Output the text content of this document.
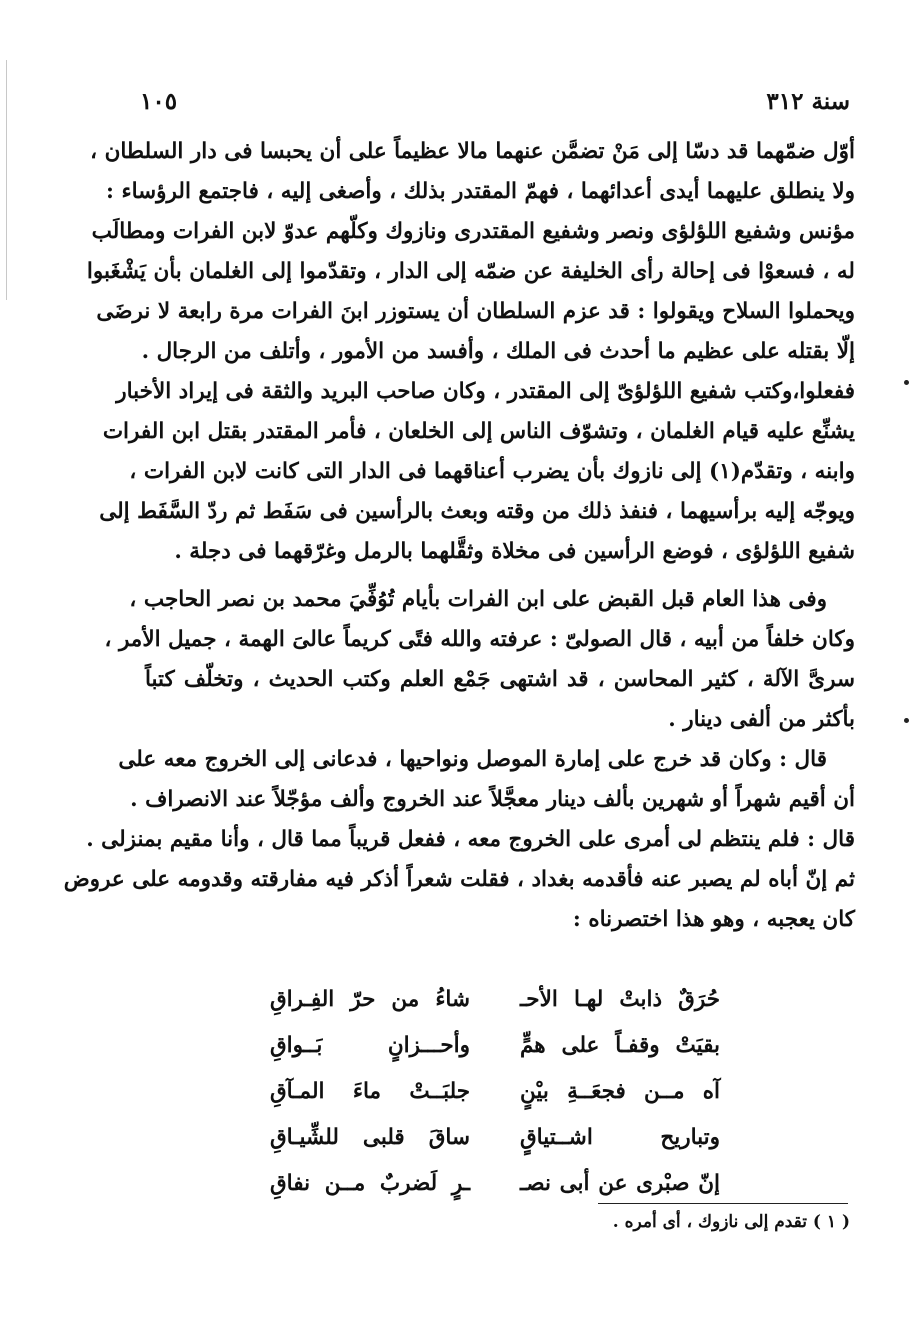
سنة ٣١٢
١٠٥
أوّل ضمّهما قد دسّا إلى مَنْ تضمَّن عنهما مالا عظيماً على أن يحبسا فى دار السلطان ،
ولا ينطلق عليهما أيدى أعدائهما ، فهمّ المقتدر بذلك ، وأصغى إليه ، فاجتمع الرؤساء :
مؤنس وشفيع اللؤلؤى ونصر وشفيع المقتدرى ونازوك وكلّهم عدوّ لابن الفرات ومطالَب
له ، فسعوْا فى إحالة رأى الخليفة عن ضمّه إلى الدار ، وتقدّموا إلى الغلمان بأن يَشْغَبوا
ويحملوا السلاح ويقولوا : قد عزم السلطان أن يستوزر ابنَ الفرات مرة رابعة لا نرضَى
إلّا بقتله على عظيم ما أحدث فى الملك ، وأفسد من الأمور ، وأتلف من الرجال .
ففعلوا،وكتب شفيع اللؤلؤىّ إلى المقتدر ، وكان صاحب البريد والثقة فى إيراد الأخبار
يشنِّع عليه قيام الغلمان ، وتشوّف الناس إلى الخلعان ، فأمر المقتدر بقتل ابن الفرات
وابنه ، وتقدّم(١) إلى نازوك بأن يضرب أعناقهما فى الدار التى كانت لابن الفرات ،
ويوجّه إليه برأسيهما ، فنفذ ذلك من وقته وبعث بالرأسين فى سَفَط ثم ردّ السَّفَط إلى
شفيع اللؤلؤى ، فوضع الرأسين فى مخلاة وثقَّلهما بالرمل وغرّقهما فى دجلة .
وفى هذا العام قبل القبض على ابن الفرات بأيام تُوُفِّيَ محمد بن نصر الحاجب ،
وكان خلفاً من أبيه ، قال الصولىّ : عرفته والله فتًى كريماً عالىَ الهمة ، جميل الأمر ،
سرىَّ الآلة ، كثير المحاسن ، قد اشتهى جَمْع العلم وكتب الحديث ، وتخلّف كتباً
بأكثر من ألفى دينار .
قال : وكان قد خرج على إمارة الموصل ونواحيها ، فدعانى إلى الخروج معه على
أن أقيم شهراً أو شهرين بألف دينار معجَّلاً عند الخروج وألف مؤجّلاً عند الانصراف .
قال : فلم ينتظم لى أمرى على الخروج معه ، ففعل قريباً مما قال ، وأنا مقيم بمنزلى .
ثم إنّ أباه لم يصبر عنه فأقدمه بغداد ، فقلت شعراً أذكر فيه مفارقته وقدومه على عروض
كان يعجبه ، وهو هذا اختصرناه :
حُرَقٌ ذابتْ لهـا الأحـ
شاءُ من حرّ الفِـراقِ
بقيَتْ وقفـاً على همٍّ
وأحـــزانٍ بَــواقِ
آه مــن فجعَــةِ بيْنٍ
جلبَــتْ ماءَ المـآقِ
وتباريح اشــتياقٍ
ساقَ قلبى للشِّيـاقِ
إنّ صبْرى عن أبى نصـ
ـرٍ لَضربٌ مــن نفاقِ
( ١ ) تقدم إلى نازوك ، أى أمره .
